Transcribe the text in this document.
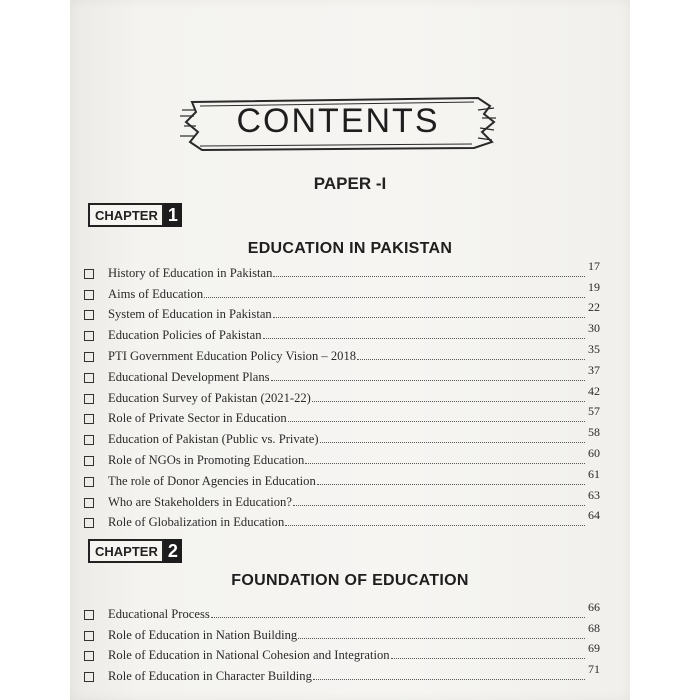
CONTENTS
PAPER -I
CHAPTER 1
EDUCATION IN PAKISTAN
History of Education in Pakistan	17
Aims of Education	19
System of Education in Pakistan	22
Education Policies of Pakistan	30
PTI Government Education Policy Vision – 2018	35
Educational Development Plans	37
Education Survey of Pakistan (2021-22)	42
Role of Private Sector in Education	57
Education of Pakistan (Public vs. Private)	58
Role of NGOs in Promoting Education	60
The role of Donor Agencies in Education	61
Who are Stakeholders in Education?	63
Role of Globalization in Education	64
CHAPTER 2
FOUNDATION OF EDUCATION
Educational Process	66
Role of Education in Nation Building	68
Role of Education in National Cohesion and Integration	69
Role of Education in Character Building	71
